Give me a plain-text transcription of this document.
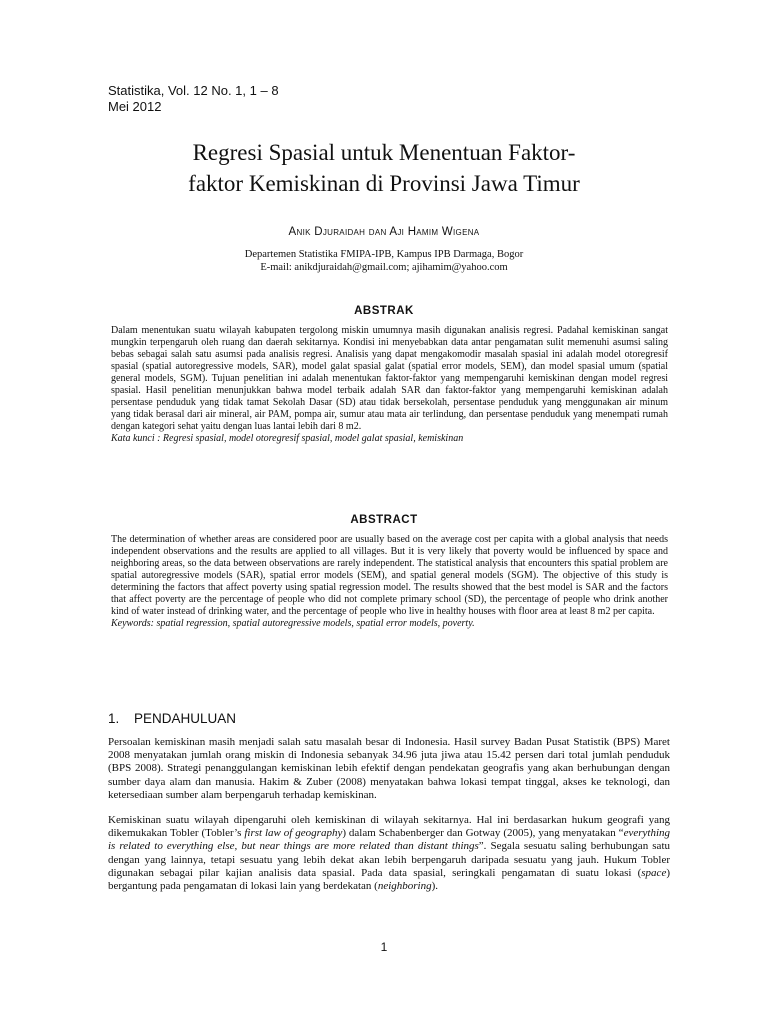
Statistika, Vol. 12 No. 1, 1 – 8
Mei 2012
Regresi Spasial untuk Menentuan Faktor-
faktor Kemiskinan di Provinsi Jawa Timur
Anik Djuraidah dan Aji Hamim Wigena
Departemen Statistika FMIPA-IPB, Kampus IPB Darmaga, Bogor
E-mail: anikdjuraidah@gmail.com; ajihamim@yahoo.com
ABSTRAK

Dalam menentukan suatu wilayah kabupaten tergolong miskin umumnya masih digunakan analisis regresi. Padahal kemiskinan sangat mungkin terpengaruh oleh ruang dan daerah sekitarnya. Kondisi ini menyebabkan data antar pengamatan sulit memenuhi asumsi saling bebas sebagai salah satu asumsi pada analisis regresi. Analisis yang dapat mengakomodir masalah spasial ini adalah model otoregresif spasial (spatial autoregressive models, SAR), model galat spasial galat (spatial error models, SEM), dan model spasial umum (spatial general models, SGM). Tujuan penelitian ini adalah menentukan faktor-faktor yang mempengaruhi kemiskinan dengan model regresi spasial. Hasil penelitian menunjukkan bahwa model terbaik adalah SAR dan faktor-faktor yang mempengaruhi kemiskinan adalah persentase penduduk yang tidak tamat Sekolah Dasar (SD) atau tidak bersekolah, persentase penduduk yang menggunakan air minum yang tidak berasal dari air mineral, air PAM, pompa air, sumur atau mata air terlindung, dan persentase penduduk yang menempati rumah dengan kategori sehat yaitu dengan luas lantai lebih dari 8 m2.

Kata kunci : Regresi spasial, model otoregresif spasial, model galat spasial, kemiskinan

ABSTRACT

The determination of whether areas are considered poor are usually based on the average cost per capita with a global analysis that needs independent observations and the results are applied to all villages. But it is very likely that poverty would be influenced by space and neighboring areas, so the data between observations are rarely independent. The statistical analysis that encounters this spatial problem are spatial autoregressive models (SAR), spatial error models (SEM), and spatial general models (SGM). The objective of this study is determining the factors that affect poverty using spatial regression model. The results showed that the best model is SAR and the factors that affect poverty are the percentage of people who did not complete primary school (SD), the percentage of people who drink another kind of water instead of drinking water, and the percentage of people who live in healthy houses with floor area at least 8 m2 per capita.

Keywords: spatial regression, spatial autoregressive models, spatial error models, poverty.

1. PENDAHULUAN

Persoalan kemiskinan masih menjadi salah satu masalah besar di Indonesia. Hasil survey Badan Pusat Statistik (BPS) Maret 2008 menyatakan jumlah orang miskin di Indonesia sebanyak 34.96 juta jiwa atau 15.42 persen dari total jumlah penduduk (BPS 2008). Strategi penanggulangan kemiskinan lebih efektif dengan pendekatan geografis yang akan berhubungan dengan sumber daya alam dan manusia. Hakim & Zuber (2008) menyatakan bahwa lokasi tempat tinggal, akses ke teknologi, dan ketersediaan sumber alam berpengaruh terhadap kemiskinan.

Kemiskinan suatu wilayah dipengaruhi oleh kemiskinan di wilayah sekitarnya. Hal ini berdasarkan hukum geografi yang dikemukakan Tobler (Tobler’s first law of geography) dalam Schabenberger dan Gotway (2005), yang menyatakan “everything is related to everything else, but near things are more related than distant things”. Segala sesuatu saling berhubungan satu dengan yang lainnya, tetapi sesuatu yang lebih dekat akan lebih berpengaruh daripada sesuatu yang jauh. Hukum Tobler digunakan sebagai pilar kajian analisis data spasial. Pada data spasial, seringkali pengamatan di suatu lokasi (space) bergantung pada pengamatan di lokasi lain yang berdekatan (neighboring).

1
